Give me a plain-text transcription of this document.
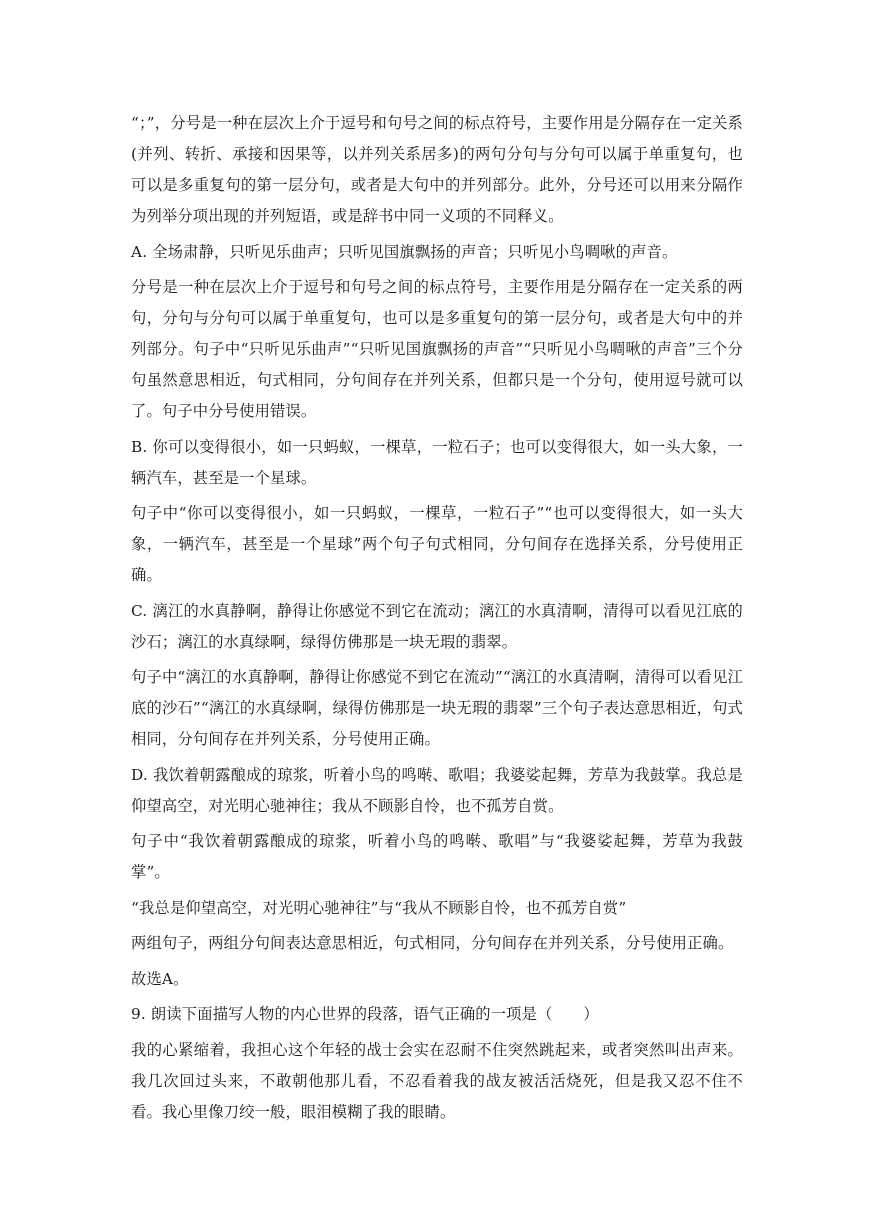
“；”，分号是一种在层次上介于逗号和句号之间的标点符号，主要作用是分隔存在一定关系(并列、转折、承接和因果等，以并列关系居多)的两句分句与分句可以属于单重复句，也可以是多重复句的第一层分句，或者是大句中的并列部分。此外，分号还可以用来分隔作为列举分项出现的并列短语，或是辞书中同一义项的不同释义。

A. 全场肃静，只听见乐曲声；只听见国旗飘扬的声音；只听见小鸟啁啾的声音。

分号是一种在层次上介于逗号和句号之间的标点符号，主要作用是分隔存在一定关系的两句，分句与分句可以属于单重复句，也可以是多重复句的第一层分句，或者是大句中的并列部分。句子中“只听见乐曲声”“只听见国旗飘扬的声音”“只听见小鸟啁啾的声音”三个分句虽然意思相近，句式相同，分句间存在并列关系，但都只是一个分句，使用逗号就可以了。句子中分号使用错误。

B. 你可以变得很小，如一只蚂蚁，一棵草，一粒石子；也可以变得很大，如一头大象，一辆汽车，甚至是一个星球。

句子中“你可以变得很小，如一只蚂蚁，一棵草，一粒石子”“也可以变得很大，如一头大象，一辆汽车，甚至是一个星球”两个句子句式相同，分句间存在选择关系，分号使用正确。

C. 漓江的水真静啊，静得让你感觉不到它在流动；漓江的水真清啊，清得可以看见江底的沙石；漓江的水真绿啊，绿得仿佛那是一块无瑕的翡翠。

句子中“漓江的水真静啊，静得让你感觉不到它在流动”“漓江的水真清啊，清得可以看见江底的沙石”“漓江的水真绿啊，绿得仿佛那是一块无瑕的翡翠”三个句子表达意思相近，句式相同，分句间存在并列关系，分号使用正确。

D. 我饮着朝露酿成的琼浆，听着小鸟的鸣啭、歌唱；我婆娑起舞，芳草为我鼓掌。我总是仰望高空，对光明心驰神往；我从不顾影自怜，也不孤芳自赏。

句子中“我饮着朝露酿成的琼浆，听着小鸟的鸣啭、歌唱”与“我婆娑起舞，芳草为我鼓掌”。

“我总是仰望高空，对光明心驰神往”与“我从不顾影自怜，也不孤芳自赏”

两组句子，两组分句间表达意思相近，句式相同，分句间存在并列关系，分号使用正确。

故选A。

9. 朗读下面描写人物的内心世界的段落，语气正确的一项是（　　）

我的心紧缩着，我担心这个年轻的战士会实在忍耐不住突然跳起来，或者突然叫出声来。我几次回过头来，不敢朝他那儿看，不忍看着我的战友被活活烧死，但是我又忍不住不看。我心里像刀绞一般，眼泪模糊了我的眼睛。
